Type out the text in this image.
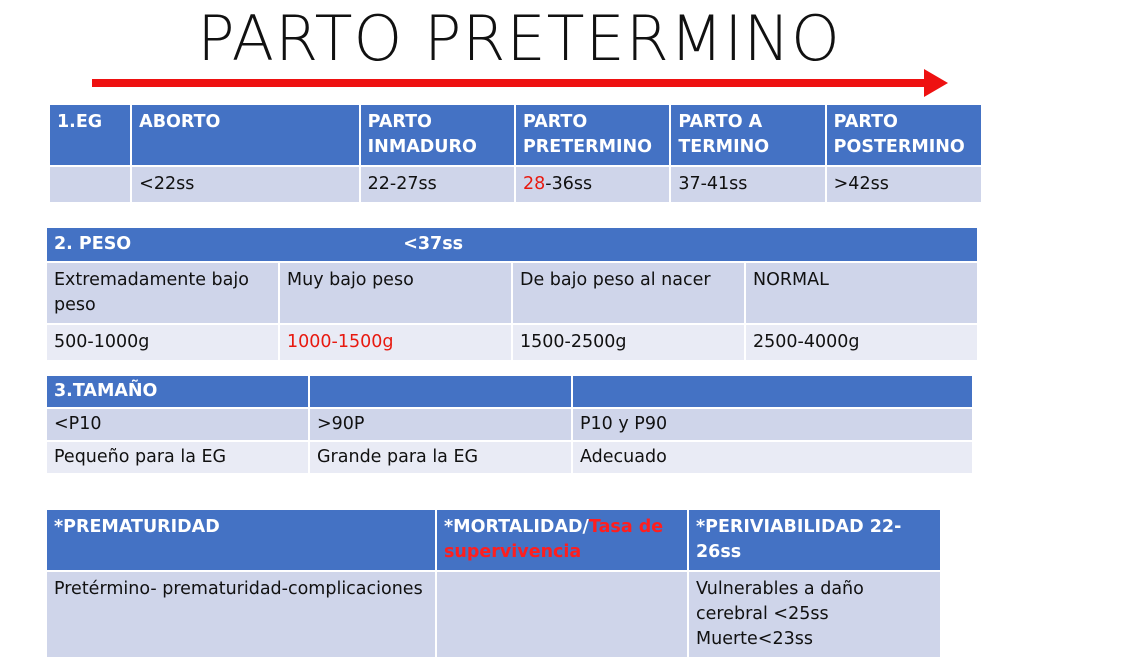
PARTO PRETERMINO
1.EG	ABORTO	PARTO INMADURO	PARTO PRETERMINO	PARTO A TERMINO	PARTO POSTERMINO
	<22ss	22-27ss	28-36ss	37-41ss	>42ss
2. PESO <37ss			
Extremadamente bajo peso	Muy bajo peso	De bajo peso al nacer	NORMAL
500-1000g	1000-1500g	1500-2500g	2500-4000g
3.TAMAÑO		
<P10	>90P	P10 y P90
Pequeño para la EG	Grande para la EG	Adecuado
*PREMATURIDAD	*MORTALIDAD/Tasa de supervivencia	*PERIVIABILIDAD 22-26ss
Pretérmino- prematuridad-complicaciones		Vulnerables a daño cerebral <25ss
Muerte<23ss
